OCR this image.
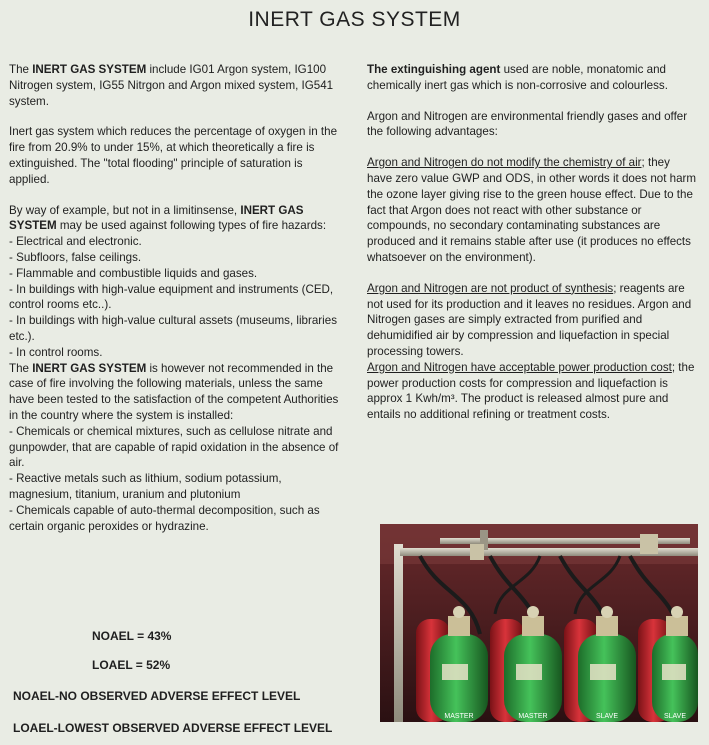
INERT GAS SYSTEM

The INERT GAS SYSTEM include IG01 Argon system, IG100 Nitrogen system, IG55 Nitrgon and Argon mixed system, IG541 system.

Inert gas system which reduces the percentage of oxygen in the fire from 20.9% to under 15%, at which theoretically a fire is extinguished. The "total flooding" principle of saturation is applied.

By way of example, but not in a limitinsense, INERT GAS SYSTEM may be used against following types of fire hazards:

- Electrical and electronic.
- Subfloors, false ceilings.
- Flammable and combustible liquids and gases.
- In buildings with high-value equipment and instruments (CED, control rooms etc..).
- In buildings with high-value cultural assets (museums, libraries etc.).
- In control rooms.

The INERT GAS SYSTEM is however not recommended in the case of fire involving the following materials, unless the same have been tested to the satisfaction of the competent Authorities in the country where the system is installed:

- Chemicals or chemical mixtures, such as cellulose nitrate and gunpowder, that are capable of rapid oxidation in the absence of air.
- Reactive metals such as lithium, sodium potassium, magnesium, titanium, uranium and plutonium
- Chemicals capable of auto-thermal decomposition, such as certain organic peroxides or hydrazine.
NOAEL = 43%
LOAEL = 52%
NOAEL-NO OBSERVED ADVERSE EFFECT LEVEL
LOAEL-LOWEST OBSERVED ADVERSE EFFECT LEVEL

The extinguishing agent used are noble, monatomic and chemically inert gas which is non-corrosive and colourless.

Argon and Nitrogen are environmental friendly gases and offer the following advantages:

Argon and Nitrogen do not modify the chemistry of air; they have zero value GWP and ODS, in other words it does not harm the ozone layer giving rise to the green house effect. Due to the fact that Argon does not react with other substance or compounds, no secondary contaminating substances are produced and it remains stable after use (it produces no effects whatsoever on the environment).

Argon and Nitrogen are not product of synthesis; reagents are not used for its production and it leaves no residues. Argon and Nitrogen gases are simply extracted from purified and dehumidified air by compression and liquefaction in special processing towers.

Argon and Nitrogen have acceptable power production cost; the power production costs for compression and liquefaction is approx 1 Kwh/m³. The product is released almost pure and entails no additional refining or treatment costs.

MASTER	MASTER	SLAVE	SLAVE
